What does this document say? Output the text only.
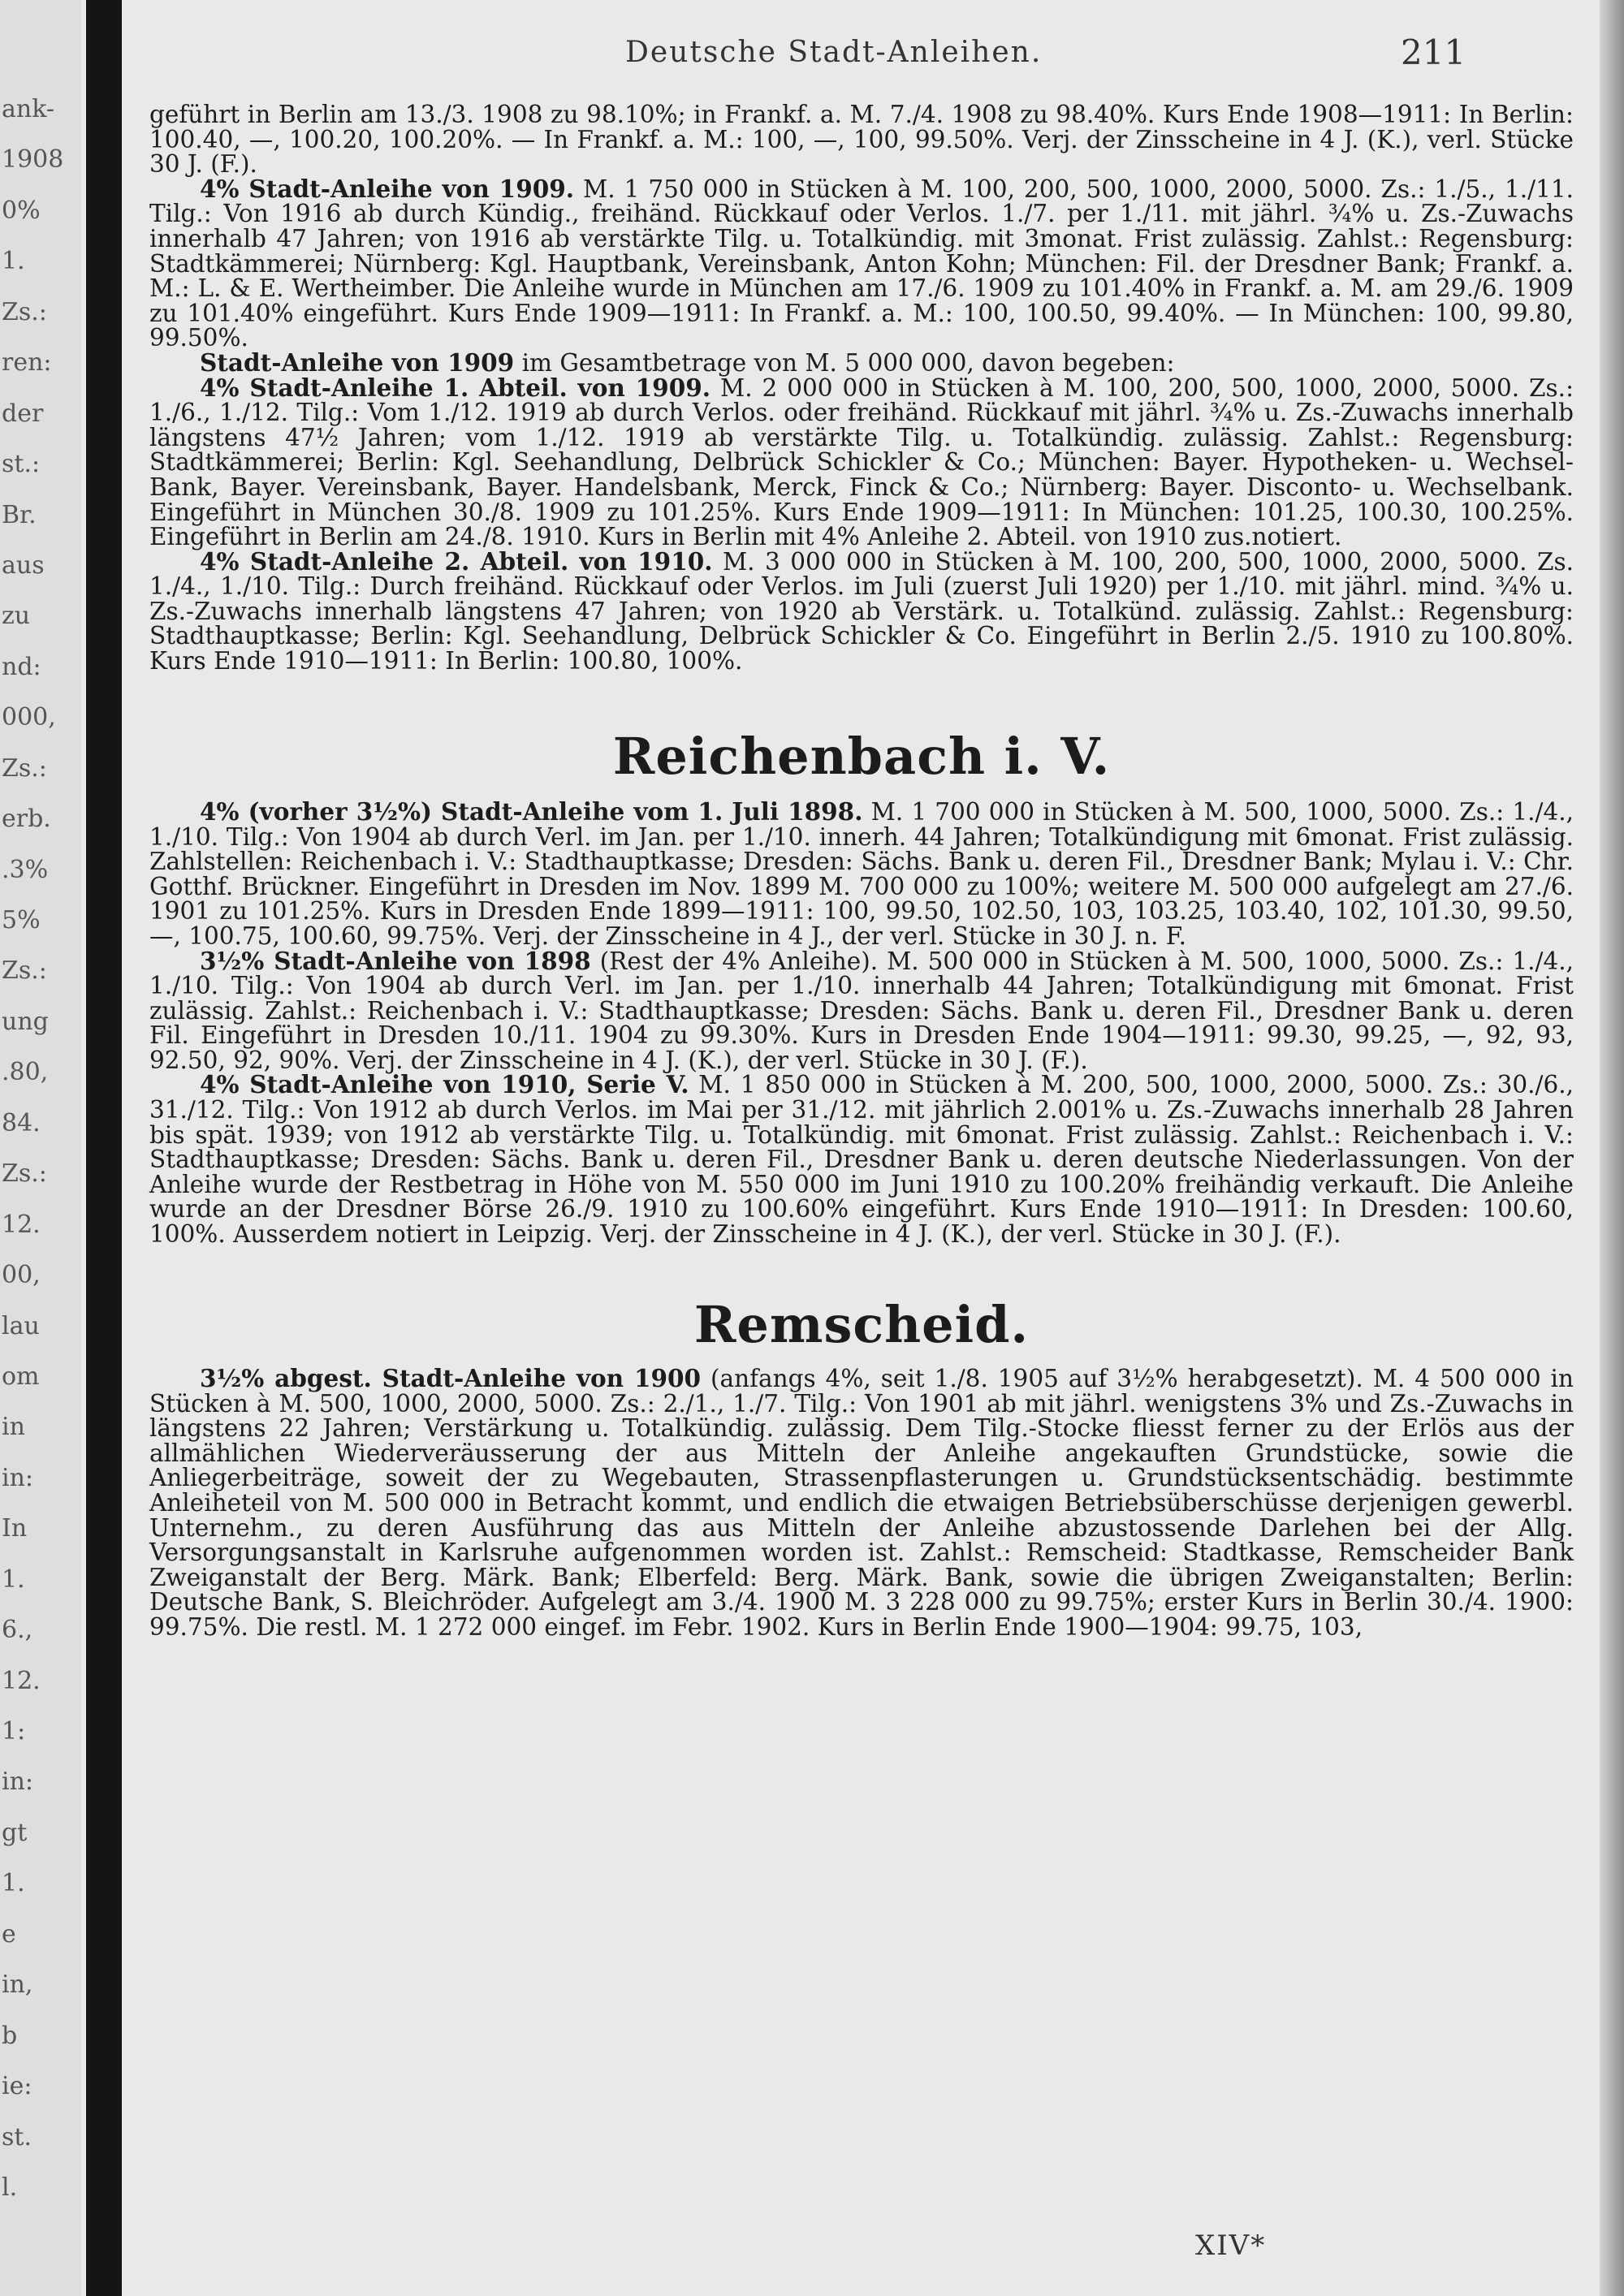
ank-
1908
0%
1.
Zs.:
ren:
der
st.:
Br.
aus
zu
nd:
000,
Zs.:
erb.
.3%
5%
Zs.:
ung
.80,
84.
Zs.:
12.
00,
lau
om
in
in:
In
1.
6.,
12.
1:
in:
gt
1.
e
in,
b
ie:
st.
l.
Deutsche Stadt-Anleihen.	211

geführt in Berlin am 13./3. 1908 zu 98.10%; in Frankf. a. M. 7./4. 1908 zu 98.40%. Kurs Ende 1908—1911: In Berlin: 100.40, —, 100.20, 100.20%. — In Frankf. a. M.: 100, —, 100, 99.50%. Verj. der Zinsscheine in 4 J. (K.), verl. Stücke 30 J. (F.).

4% Stadt-Anleihe von 1909. M. 1 750 000 in Stücken à M. 100, 200, 500, 1000, 2000, 5000. Zs.: 1./5., 1./11. Tilg.: Von 1916 ab durch Kündig., freihänd. Rückkauf oder Verlos. 1./7. per 1./11. mit jährl. ¾% u. Zs.-Zuwachs innerhalb 47 Jahren; von 1916 ab verstärkte Tilg. u. Totalkündig. mit 3monat. Frist zulässig. Zahlst.: Regensburg: Stadtkämmerei; Nürnberg: Kgl. Hauptbank, Vereinsbank, Anton Kohn; München: Fil. der Dresdner Bank; Frankf. a. M.: L. & E. Wertheimber. Die Anleihe wurde in München am 17./6. 1909 zu 101.40% in Frankf. a. M. am 29./6. 1909 zu 101.40% eingeführt. Kurs Ende 1909—1911: In Frankf. a. M.: 100, 100.50, 99.40%. — In München: 100, 99.80, 99.50%.

Stadt-Anleihe von 1909 im Gesamtbetrage von M. 5 000 000, davon begeben:

4% Stadt-Anleihe 1. Abteil. von 1909. M. 2 000 000 in Stücken à M. 100, 200, 500, 1000, 2000, 5000. Zs.: 1./6., 1./12. Tilg.: Vom 1./12. 1919 ab durch Verlos. oder freihänd. Rückkauf mit jährl. ¾% u. Zs.-Zuwachs innerhalb längstens 47½ Jahren; vom 1./12. 1919 ab verstärkte Tilg. u. Totalkündig. zulässig. Zahlst.: Regensburg: Stadtkämmerei; Berlin: Kgl. Seehandlung, Delbrück Schickler & Co.; München: Bayer. Hypotheken- u. Wechsel-Bank, Bayer. Vereinsbank, Bayer. Handelsbank, Merck, Finck & Co.; Nürnberg: Bayer. Disconto- u. Wechselbank. Eingeführt in München 30./8. 1909 zu 101.25%. Kurs Ende 1909—1911: In München: 101.25, 100.30, 100.25%. Eingeführt in Berlin am 24./8. 1910. Kurs in Berlin mit 4% Anleihe 2. Abteil. von 1910 zus.notiert.

4% Stadt-Anleihe 2. Abteil. von 1910. M. 3 000 000 in Stücken à M. 100, 200, 500, 1000, 2000, 5000. Zs. 1./4., 1./10. Tilg.: Durch freihänd. Rückkauf oder Verlos. im Juli (zuerst Juli 1920) per 1./10. mit jährl. mind. ¾% u. Zs.-Zuwachs innerhalb längstens 47 Jahren; von 1920 ab Verstärk. u. Totalkünd. zulässig. Zahlst.: Regensburg: Stadthauptkasse; Berlin: Kgl. Seehandlung, Delbrück Schickler & Co. Eingeführt in Berlin 2./5. 1910 zu 100.80%. Kurs Ende 1910—1911: In Berlin: 100.80, 100%.

Reichenbach i. V.

4% (vorher 3½%) Stadt-Anleihe vom 1. Juli 1898. M. 1 700 000 in Stücken à M. 500, 1000, 5000. Zs.: 1./4., 1./10. Tilg.: Von 1904 ab durch Verl. im Jan. per 1./10. innerh. 44 Jahren; Totalkündigung mit 6monat. Frist zulässig. Zahlstellen: Reichenbach i. V.: Stadthauptkasse; Dresden: Sächs. Bank u. deren Fil., Dresdner Bank; Mylau i. V.: Chr. Gotthf. Brückner. Eingeführt in Dresden im Nov. 1899 M. 700 000 zu 100%; weitere M. 500 000 aufgelegt am 27./6. 1901 zu 101.25%. Kurs in Dresden Ende 1899—1911: 100, 99.50, 102.50, 103, 103.25, 103.40, 102, 101.30, 99.50, —, 100.75, 100.60, 99.75%. Verj. der Zinsscheine in 4 J., der verl. Stücke in 30 J. n. F.

3½% Stadt-Anleihe von 1898 (Rest der 4% Anleihe). M. 500 000 in Stücken à M. 500, 1000, 5000. Zs.: 1./4., 1./10. Tilg.: Von 1904 ab durch Verl. im Jan. per 1./10. innerhalb 44 Jahren; Totalkündigung mit 6monat. Frist zulässig. Zahlst.: Reichenbach i. V.: Stadthauptkasse; Dresden: Sächs. Bank u. deren Fil., Dresdner Bank u. deren Fil. Eingeführt in Dresden 10./11. 1904 zu 99.30%. Kurs in Dresden Ende 1904—1911: 99.30, 99.25, —, 92, 93, 92.50, 92, 90%. Verj. der Zinsscheine in 4 J. (K.), der verl. Stücke in 30 J. (F.).

4% Stadt-Anleihe von 1910, Serie V. M. 1 850 000 in Stücken à M. 200, 500, 1000, 2000, 5000. Zs.: 30./6., 31./12. Tilg.: Von 1912 ab durch Verlos. im Mai per 31./12. mit jährlich 2.001% u. Zs.-Zuwachs innerhalb 28 Jahren bis spät. 1939; von 1912 ab verstärkte Tilg. u. Totalkündig. mit 6monat. Frist zulässig. Zahlst.: Reichenbach i. V.: Stadthauptkasse; Dresden: Sächs. Bank u. deren Fil., Dresdner Bank u. deren deutsche Niederlassungen. Von der Anleihe wurde der Restbetrag in Höhe von M. 550 000 im Juni 1910 zu 100.20% freihändig verkauft. Die Anleihe wurde an der Dresdner Börse 26./9. 1910 zu 100.60% eingeführt. Kurs Ende 1910—1911: In Dresden: 100.60, 100%. Ausserdem notiert in Leipzig. Verj. der Zinsscheine in 4 J. (K.), der verl. Stücke in 30 J. (F.).

Remscheid.

3½% abgest. Stadt-Anleihe von 1900 (anfangs 4%, seit 1./8. 1905 auf 3½% herabgesetzt). M. 4 500 000 in Stücken à M. 500, 1000, 2000, 5000. Zs.: 2./1., 1./7. Tilg.: Von 1901 ab mit jährl. wenigstens 3% und Zs.-Zuwachs in längstens 22 Jahren; Verstärkung u. Totalkündig. zulässig. Dem Tilg.-Stocke fliesst ferner zu der Erlös aus der allmählichen Wiederveräusserung der aus Mitteln der Anleihe angekauften Grundstücke, sowie die Anliegerbeiträge, soweit der zu Wegebauten, Strassenpflasterungen u. Grundstücksentschädig. bestimmte Anleiheteil von M. 500 000 in Betracht kommt, und endlich die etwaigen Betriebsüberschüsse derjenigen gewerbl. Unternehm., zu deren Ausführung das aus Mitteln der Anleihe abzustossende Darlehen bei der Allg. Versorgungsanstalt in Karlsruhe aufgenommen worden ist. Zahlst.: Remscheid: Stadtkasse, Remscheider Bank Zweiganstalt der Berg. Märk. Bank; Elberfeld: Berg. Märk. Bank, sowie die übrigen Zweiganstalten; Berlin: Deutsche Bank, S. Bleichröder. Aufgelegt am 3./4. 1900 M. 3 228 000 zu 99.75%; erster Kurs in Berlin 30./4. 1900: 99.75%. Die restl. M. 1 272 000 eingef. im Febr. 1902. Kurs in Berlin Ende 1900—1904: 99.75, 103,

XIV*
